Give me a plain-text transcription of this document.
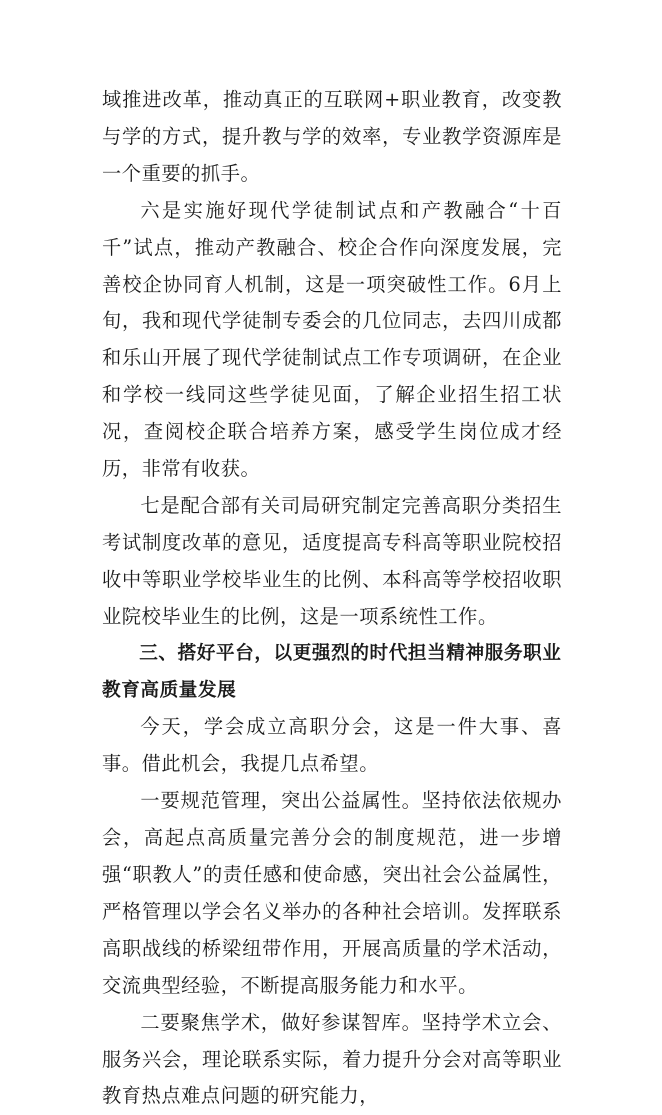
域推进改革，推动真正的互联网+职业教育，改变教与学的方式，提升教与学的效率，专业教学资源库是一个重要的抓手。

六是实施好现代学徒制试点和产教融合“十百千”试点，推动产教融合、校企合作向深度发展，完善校企协同育人机制，这是一项突破性工作。6月上旬，我和现代学徒制专委会的几位同志，去四川成都和乐山开展了现代学徒制试点工作专项调研，在企业和学校一线同这些学徒见面，了解企业招生招工状况，查阅校企联合培养方案，感受学生岗位成才经历，非常有收获。

七是配合部有关司局研究制定完善高职分类招生考试制度改革的意见，适度提高专科高等职业院校招收中等职业学校毕业生的比例、本科高等学校招收职业院校毕业生的比例，这是一项系统性工作。

三、搭好平台，以更强烈的时代担当精神服务职业教育高质量发展

今天，学会成立高职分会，这是一件大事、喜事。借此机会，我提几点希望。

一要规范管理，突出公益属性。坚持依法依规办会，高起点高质量完善分会的制度规范，进一步增强“职教人”的责任感和使命感，突出社会公益属性，严格管理以学会名义举办的各种社会培训。发挥联系高职战线的桥梁纽带作用，开展高质量的学术活动，交流典型经验，不断提高服务能力和水平。

二要聚焦学术，做好参谋智库。坚持学术立会、服务兴会，理论联系实际，着力提升分会对高等职业教育热点难点问题的研究能力，
